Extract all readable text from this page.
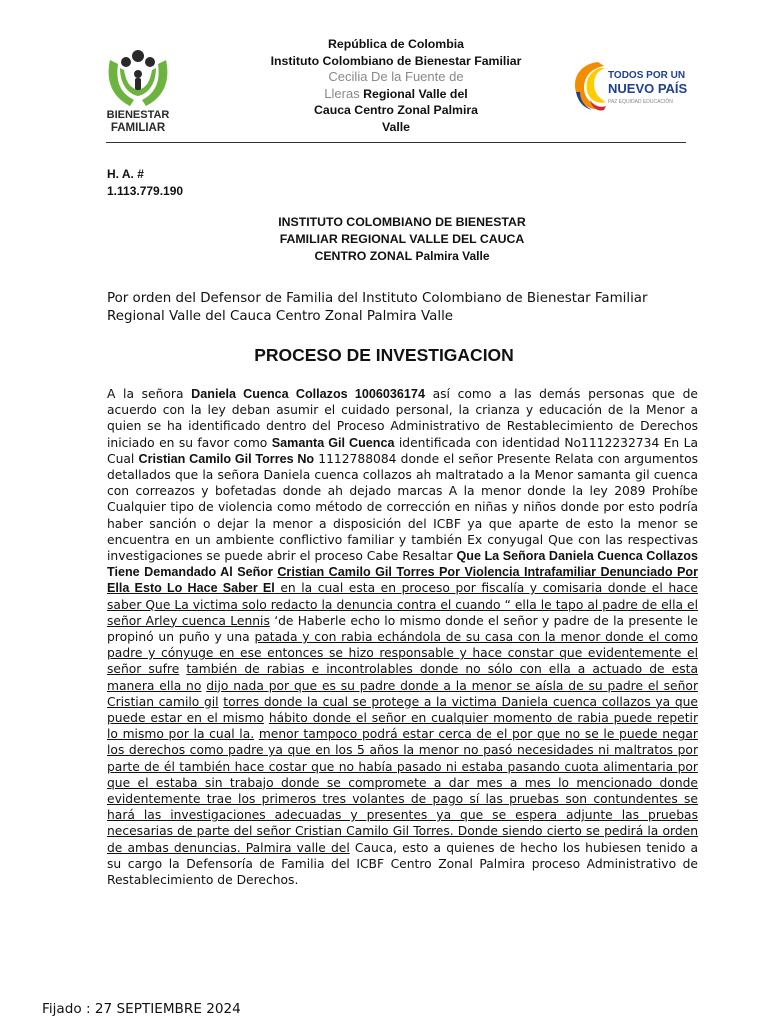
BIENESTAR
FAMILIAR
República de Colombia
Instituto Colombiano de Bienestar Familiar
Cecilia De la Fuente de
Lleras Regional Valle del
Cauca Centro Zonal Palmira
Valle
TODOS POR UN
NUEVO PAÍS
PAZ EQUIDAD EDUCACIÓN
H. A. #
1.113.779.190
INSTITUTO COLOMBIANO DE BIENESTAR
FAMILIAR REGIONAL VALLE DEL CAUCA
CENTRO ZONAL Palmira Valle
Por orden del Defensor de Familia del Instituto Colombiano de Bienestar Familiar Regional Valle del Cauca Centro Zonal Palmira Valle
PROCESO DE INVESTIGACION
A la señora Daniela Cuenca Collazos 1006036174 así como a las demás personas que de acuerdo con la ley deban asumir el cuidado personal, la crianza y educación de la Menor a quien se ha identificado dentro del Proceso Administrativo de Restablecimiento de Derechos iniciado en su favor como Samanta Gil Cuenca identificada con identidad No1112232734 En La Cual Cristian Camilo Gil Torres No 1112788084 donde el señor Presente Relata con argumentos detallados que la señora Daniela cuenca collazos ah maltratado a la Menor samanta gil cuenca con correazos y bofetadas donde ah dejado marcas A la menor donde la ley 2089 Prohíbe Cualquier tipo de violencia como método de corrección en niñas y niños donde por esto podría haber sanción o dejar la menor a disposición del ICBF ya que aparte de esto la menor se encuentra en un ambiente conflictivo familiar y también Ex conyugal Que con las respectivas investigaciones se puede abrir el proceso Cabe Resaltar Que La Señora Daniela Cuenca Collazos Tiene Demandado Al Señor Cristian Camilo Gil Torres Por Violencia Intrafamiliar Denunciado Por Ella Esto Lo Hace Saber El en la cual esta en proceso por fiscalía y comisaria donde el hace saber Que La victima solo redacto la denuncia contra el cuando “ ella le tapo al padre de ella el señor Arley cuenca Lennis ‘de Haberle echo lo mismo donde el señor y padre de la presente le propinó un puño y una patada y con rabia echándola de su casa con la menor donde el como padre y cónyuge en ese entonces se hizo responsable y hace constar que evidentemente el señor sufre también de rabias e incontrolables donde no sólo con ella a actuado de esta manera ella no dijo nada por que es su padre donde a la menor se aísla de su padre el señor Cristian camilo gil torres donde la cual se protege a la victima Daniela cuenca collazos ya que puede estar en el mismo hábito donde el señor en cualquier momento de rabia puede repetir lo mismo por la cual la. menor tampoco podrá estar cerca de el por que no se le puede negar los derechos como padre ya que en los 5 años la menor no pasó necesidades ni maltratos por parte de él también hace costar que no había pasado ni estaba pasando cuota alimentaria por que el estaba sin trabajo donde se compromete a dar mes a mes lo mencionado donde evidentemente trae los primeros tres volantes de pago sí las pruebas son contundentes se hará las investigaciones adecuadas y presentes ya que se espera adjunte las pruebas necesarias de parte del señor Cristian Camilo Gil Torres. Donde siendo cierto se pedirá la orden de ambas denuncias. Palmira valle del Cauca, esto a quienes de hecho los hubiesen tenido a su cargo la Defensoría de Familia del ICBF Centro Zonal Palmira proceso Administrativo de Restablecimiento de Derechos.
Fijado : 27 SEPTIEMBRE 2024
